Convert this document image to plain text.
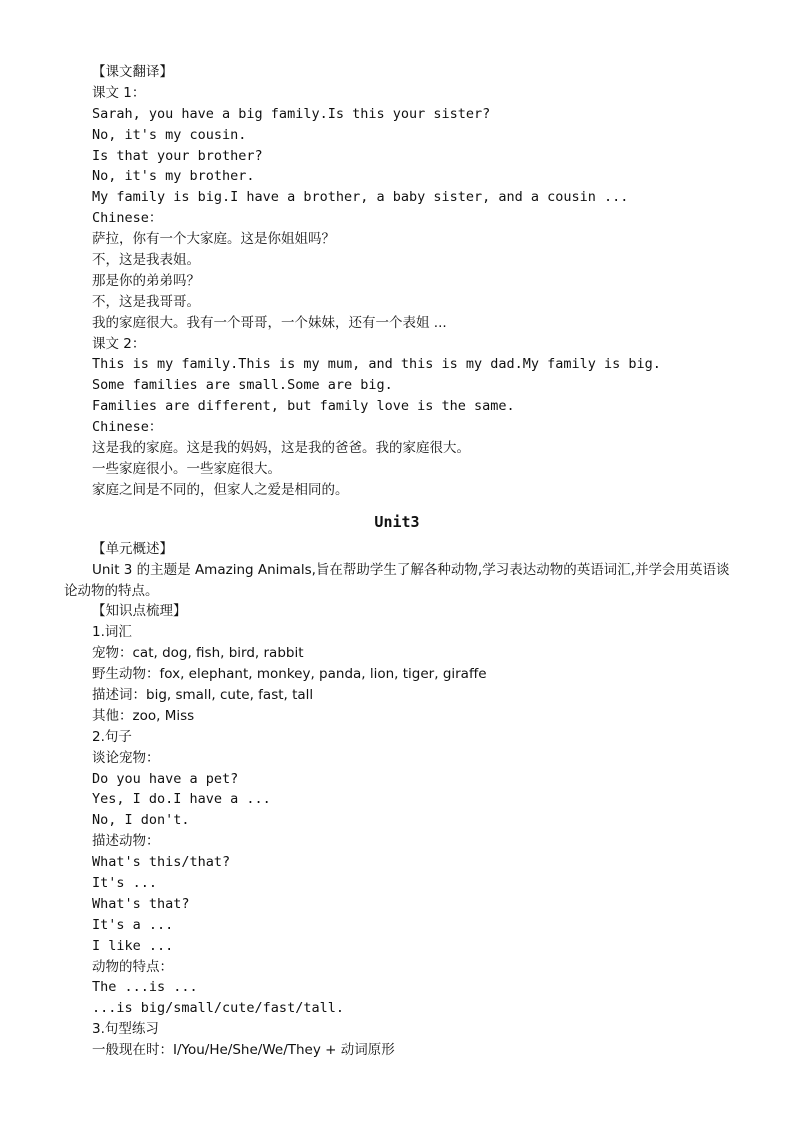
【课文翻译】
课文 1：
Sarah, you have a big family.Is this your sister?
No, it's my cousin.
Is that your brother?
No, it's my brother.
My family is big.I have a brother, a baby sister, and a cousin ...
Chinese：
萨拉，你有一个大家庭。这是你姐姐吗？
不，这是我表姐。
那是你的弟弟吗？
不，这是我哥哥。
我的家庭很大。我有一个哥哥，一个妹妹，还有一个表姐 ...
课文 2：
This is my family.This is my mum, and this is my dad.My family is big.
Some families are small.Some are big.
Families are different, but family love is the same.
Chinese：
这是我的家庭。这是我的妈妈，这是我的爸爸。我的家庭很大。
一些家庭很小。一些家庭很大。
家庭之间是不同的，但家人之爱是相同的。
Unit3
【单元概述】
Unit 3 的主题是 Amazing Animals,旨在帮助学生了解各种动物,学习表达动物的英语词汇,并学会用英语谈论动物的特点。
【知识点梳理】
1.词汇
宠物：cat, dog, fish, bird, rabbit
野生动物：fox, elephant, monkey, panda, lion, tiger, giraffe
描述词：big, small, cute, fast, tall
其他：zoo, Miss
2.句子
谈论宠物：
Do you have a pet?
Yes, I do.I have a ...
No, I don't.
描述动物：
What's this/that?
It's ...
What's that?
It's a ...
I like ...
动物的特点：
The ...is ...
...is big/small/cute/fast/tall.
3.句型练习
一般现在时：I/You/He/She/We/They + 动词原形
